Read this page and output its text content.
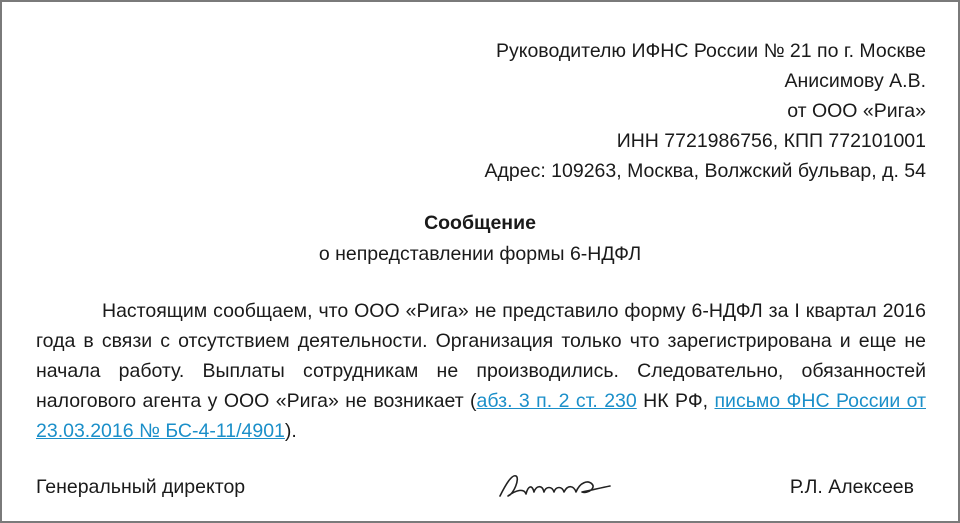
Руководителю ИФНС России № 21 по г. Москве
Анисимову А.В.
от ООО «Рига»
ИНН 7721986756, КПП 772101001
Адрес: 109263, Москва, Волжский бульвар, д. 54
Сообщение
о непредставлении формы 6-НДФЛ

Настоящим сообщаем, что ООО «Рига» не представило форму 6-НДФЛ за I квартал 2016 года в связи с отсутствием деятельности. Организация только что зарегистрирована и еще не начала работу. Выплаты сотрудникам не производились. Следовательно, обязанностей налогового агента у ООО «Рига» не возникает (абз. 3 п. 2 ст. 230 НК РФ, письмо ФНС России от 23.03.2016 № БС-4-11/4901).

Генеральный директор	Р.Л. Алексеев
